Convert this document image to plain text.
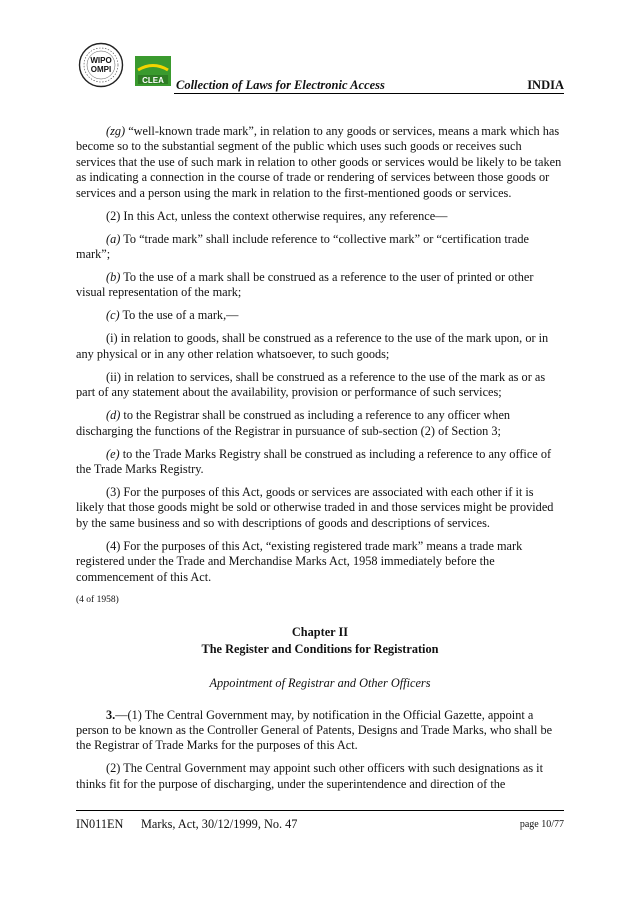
WIPO
OMPI
CLEA Collection of Laws for Electronic Access	INDIA

(zg) “well-known trade mark”, in relation to any goods or services, means a mark which has become so to the substantial segment of the public which uses such goods or receives such services that the use of such mark in relation to other goods or services would be likely to be taken as indicating a connection in the course of trade or rendering of services between those goods or services and a person using the mark in relation to the first-mentioned goods or services.

(2) In this Act, unless the context otherwise requires, any reference—

(a) To “trade mark” shall include reference to “collective mark” or “certification trade mark”;

(b) To the use of a mark shall be construed as a reference to the user of printed or other visual representation of the mark;

(c) To the use of a mark,—

(i) in relation to goods, shall be construed as a reference to the use of the mark upon, or in any physical or in any other relation whatsoever, to such goods;

(ii) in relation to services, shall be construed as a reference to the use of the mark as or as part of any statement about the availability, provision or performance of such services;

(d) to the Registrar shall be construed as including a reference to any officer when discharging the functions of the Registrar in pursuance of sub-section (2) of Section 3;

(e) to the Trade Marks Registry shall be construed as including a reference to any office of the Trade Marks Registry.

(3) For the purposes of this Act, goods or services are associated with each other if it is likely that those goods might be sold or otherwise traded in and those services might be provided by the same business and so with descriptions of goods and descriptions of services.

(4) For the purposes of this Act, “existing registered trade mark” means a trade mark registered under the Trade and Merchandise Marks Act, 1958 immediately before the commencement of this Act.

(4 of 1958)

Chapter II
The Register and Conditions for Registration
Appointment of Registrar and Other Officers

3.—(1) The Central Government may, by notification in the Official Gazette, appoint a person to be known as the Controller General of Patents, Designs and Trade Marks, who shall be the Registrar of Trade Marks for the purposes of this Act.

(2) The Central Government may appoint such other officers with such designations as it thinks fit for the purpose of discharging, under the superintendence and direction of the

IN011EN Marks, Act, 30/12/1999, No. 47	page 10/77
